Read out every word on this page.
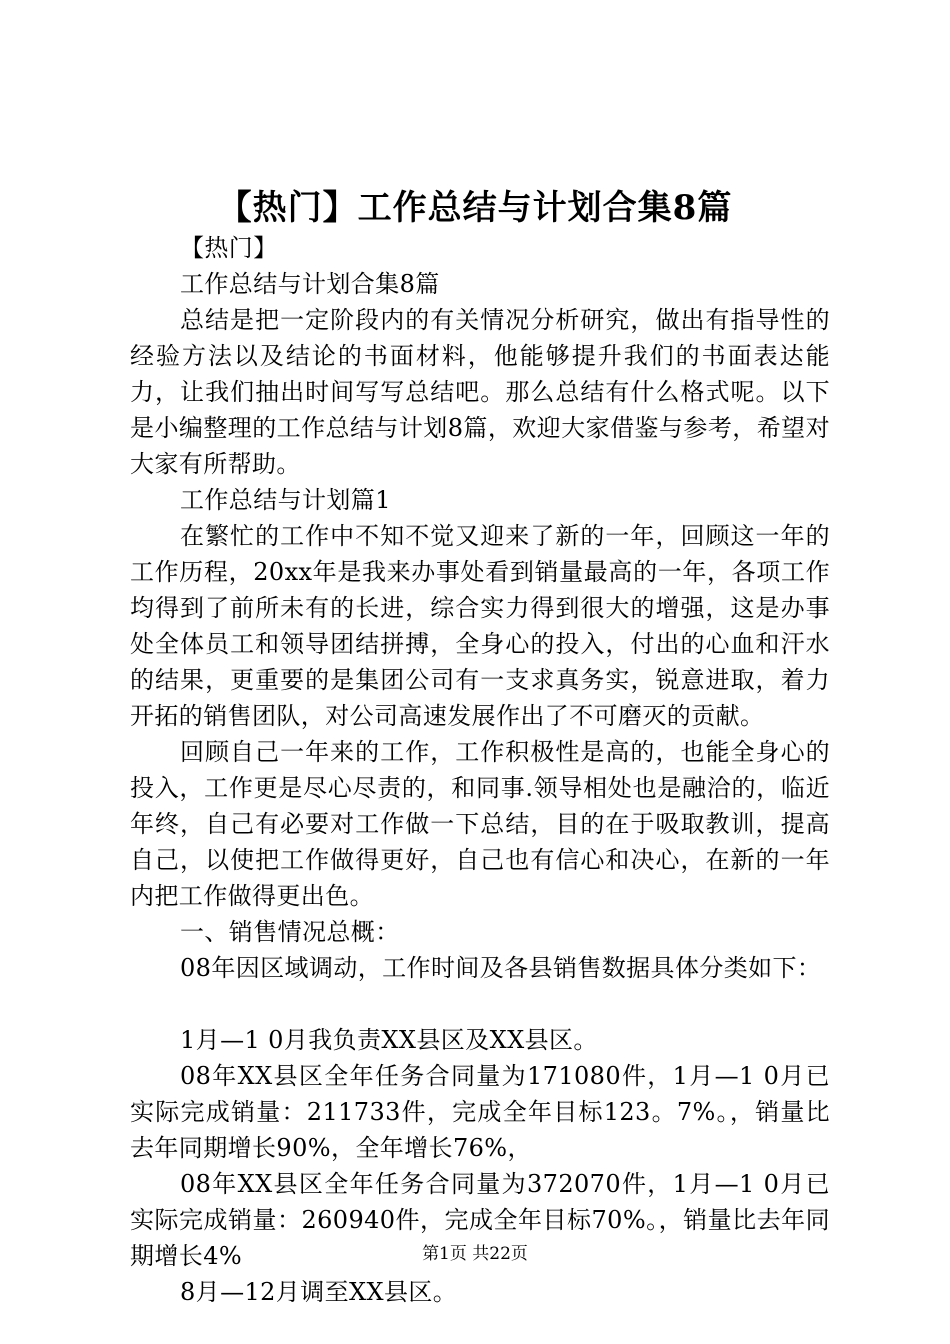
【热门】工作总结与计划合集8篇

【热门】

工作总结与计划合集8篇

总结是把一定阶段内的有关情况分析研究，做出有指导性的经验方法以及结论的书面材料，他能够提升我们的书面表达能力，让我们抽出时间写写总结吧。那么总结有什么格式呢。以下是小编整理的工作总结与计划8篇，欢迎大家借鉴与参考，希望对大家有所帮助。

工作总结与计划篇1

在繁忙的工作中不知不觉又迎来了新的一年，回顾这一年的工作历程，20xx年是我来办事处看到销量最高的一年，各项工作均得到了前所未有的长进，综合实力得到很大的增强，这是办事处全体员工和领导团结拼搏，全身心的投入，付出的心血和汗水的结果，更重要的是集团公司有一支求真务实，锐意进取，着力开拓的销售团队，对公司高速发展作出了不可磨灭的贡献。

回顾自己一年来的工作，工作积极性是高的，也能全身心的投入，工作更是尽心尽责的，和同事.领导相处也是融洽的，临近年终，自己有必要对工作做一下总结，目的在于吸取教训，提高自己，以使把工作做得更好，自己也有信心和决心，在新的一年内把工作做得更出色。

一、销售情况总概：

08年因区域调动，工作时间及各县销售数据具体分类如下：

1月—1 0月我负责XX县区及XX县区。

08年XX县区全年任务合同量为171080件，1月—1 0月已实际完成销量：211733件，完成全年目标123。7%。，销量比去年同期增长90%，全年增长76%，

08年XX县区全年任务合同量为372070件，1月—1 0月已实际完成销量：260940件，完成全年目标70%。，销量比去年同期增长4%

8月—12月调至XX县区。

第1页 共22页
